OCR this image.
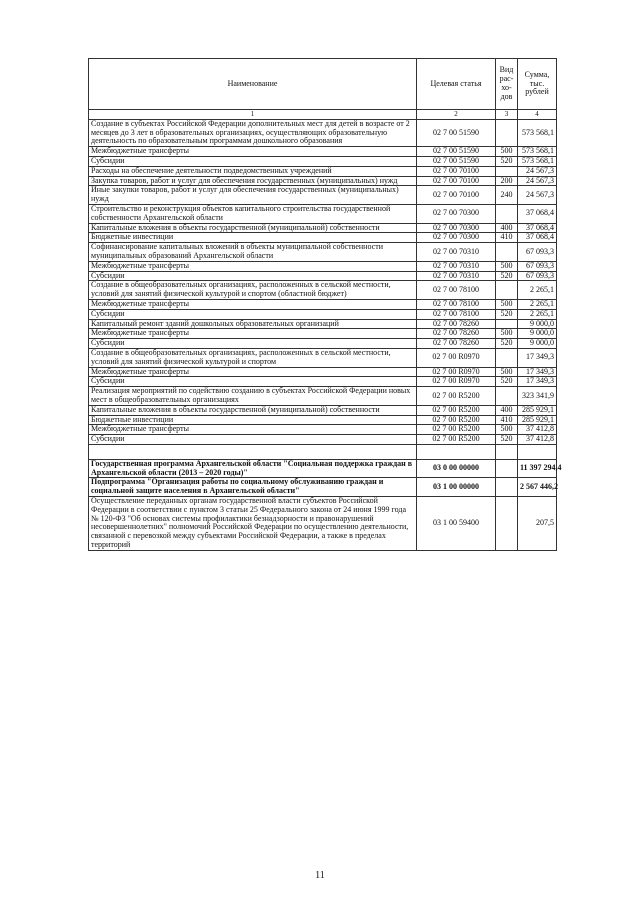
Наименование	Целевая статья	Вид рас-хо-дов	Сумма, тыс. рублей
1	2	3	4
Создание в субъектах Российской Федерации дополнительных мест для детей в возрасте от 2 месяцев до 3 лет в образовательных организациях, осуществляющих образовательную деятельность по образовательным программам дошкольного образования	02 7 00 51590		573 568,1
Межбюджетные трансферты	02 7 00 51590	500	573 568,1
Субсидии	02 7 00 51590	520	573 568,1
Расходы на обеспечение деятельности подведомственных учреждений	02 7 00 70100		24 567,3
Закупка товаров, работ и услуг для обеспечения государственных (муниципальных) нужд	02 7 00 70100	200	24 567,3
Иные закупки товаров, работ и услуг для обеспечения государственных (муниципальных) нужд	02 7 00 70100	240	24 567,3
Строительство и реконструкция объектов капитального строительства государственной собственности Архангельской области	02 7 00 70300		37 068,4
Капитальные вложения в объекты государственной (муниципальной) собственности	02 7 00 70300	400	37 068,4
Бюджетные инвестиции	02 7 00 70300	410	37 068,4
Софинансирование капитальных вложений в объекты муниципальной собственности муниципальных образований Архангельской области	02 7 00 70310		67 093,3
Межбюджетные трансферты	02 7 00 70310	500	67 093,3
Субсидии	02 7 00 70310	520	67 093,3
Создание в общеобразовательных организациях, расположенных в сельской местности, условий для занятий физической культурой и спортом (областной бюджет)	02 7 00 78100		2 265,1
Межбюджетные трансферты	02 7 00 78100	500	2 265,1
Субсидии	02 7 00 78100	520	2 265,1
Капитальный ремонт зданий дошкольных образовательных организаций	02 7 00 78260		9 000,0
Межбюджетные трансферты	02 7 00 78260	500	9 000,0
Субсидии	02 7 00 78260	520	9 000,0
Создание в общеобразовательных организациях, расположенных в сельской местности, условий для занятий физической культурой и спортом	02 7 00 R0970		17 349,3
Межбюджетные трансферты	02 7 00 R0970	500	17 349,3
Субсидии	02 7 00 R0970	520	17 349,3
Реализация мероприятий по содействию созданию в субъектах Российской Федерации новых мест в общеобразовательных организациях	02 7 00 R5200		323 341,9
Капитальные вложения в объекты государственной (муниципальной) собственности	02 7 00 R5200	400	285 929,1
Бюджетные инвестиции	02 7 00 R5200	410	285 929,1
Межбюджетные трансферты	02 7 00 R5200	500	37 412,8
Субсидии	02 7 00 R5200	520	37 412,8

Государственная программа Архангельской области "Социальная поддержка граждан в Архангельской области (2013 – 2020 годы)"	03 0 00 00000		11 397 294,4
Подпрограмма "Организация работы по социальному обслуживанию граждан и социальной защите населения в Архангельской области"	03 1 00 00000		2 567 446,2
Осуществление переданных органам государственной власти субъектов Российской Федерации в соответствии с пунктом 3 статьи 25 Федерального закона от 24 июня 1999 года № 120-ФЗ "Об основах системы профилактики безнадзорности и правонарушений несовершеннолетних" полномочий Российской Федерации по осуществлению деятельности, связанной с перевозкой между субъектами Российской Федерации, а также в пределах территорий	03 1 00 59400		207,5
11
